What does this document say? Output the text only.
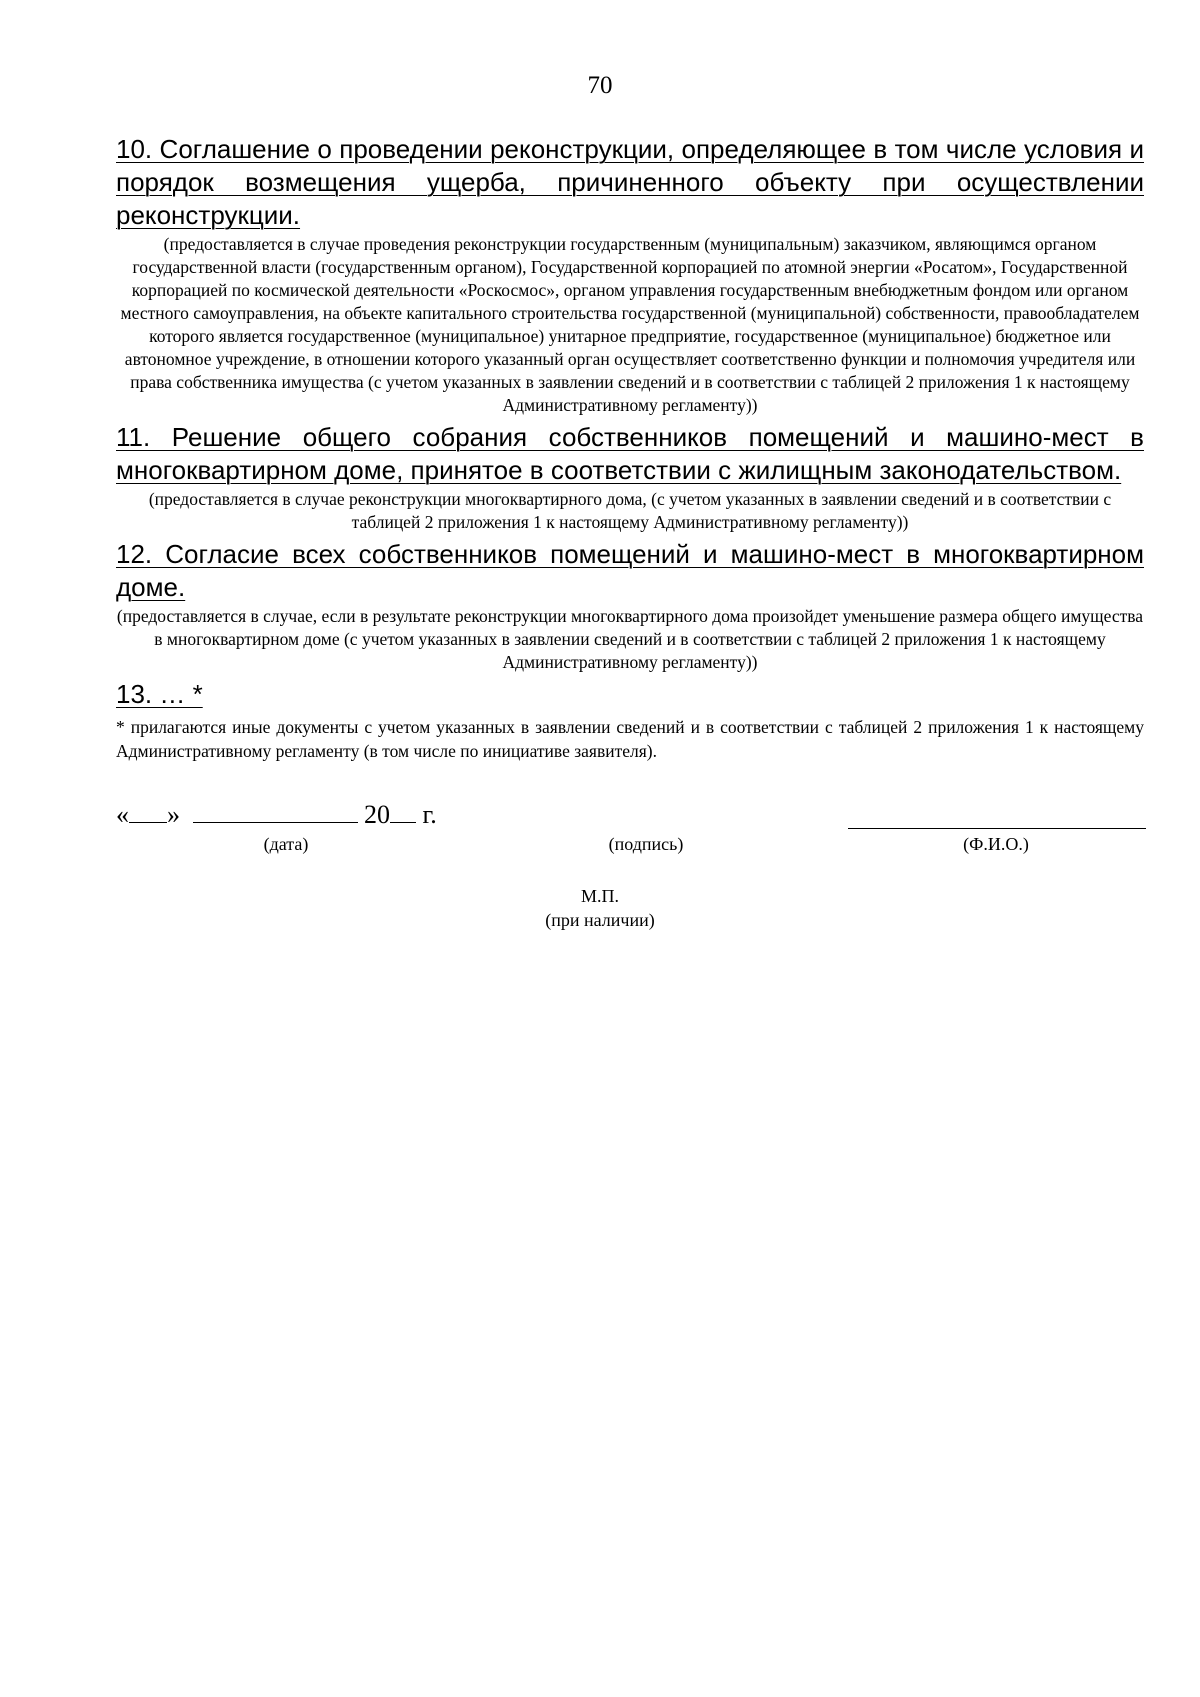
70

10. Соглашение о проведении реконструкции, определяющее в том числе условия и порядок возмещения ущерба, причиненного объекту при осуществлении реконструкции.

(предоставляется в случае проведения реконструкции государственным (муниципальным) заказчиком, являющимся органом государственной власти (государственным органом), Государственной корпорацией по атомной энергии «Росатом», Государственной корпорацией по космической деятельности «Роскосмос», органом управления государственным внебюджетным фондом или органом местного самоуправления, на объекте капитального строительства государственной (муниципальной) собственности, правообладателем которого является государственное (муниципальное) унитарное предприятие, государственное (муниципальное) бюджетное или автономное учреждение, в отношении которого указанный орган осуществляет соответственно функции и полномочия учредителя или права собственника имущества (с учетом указанных в заявлении сведений и в соответствии с таблицей 2 приложения 1 к настоящему Административному регламенту))

11. Решение общего собрания собственников помещений и машино-мест в многоквартирном доме, принятое в соответствии с жилищным законодательством.

(предоставляется в случае реконструкции многоквартирного дома, (с учетом указанных в заявлении сведений и в соответствии с таблицей 2 приложения 1 к настоящему Административному регламенту))

12. Согласие всех собственников помещений и машино-мест в многоквартирном доме.

(предоставляется в случае, если в результате реконструкции многоквартирного дома произойдет уменьшение размера общего имущества в многоквартирном доме (с учетом указанных в заявлении сведений и в соответствии с таблицей 2 приложения 1 к настоящему Административному регламенту))

13. … *

* прилагаются иные документы с учетом указанных в заявлении сведений и в соответствии с таблицей 2 приложения 1 к настоящему Административному регламенту (в том числе по инициативе заявителя).

« »	20 г.
(дата)	(подпись)	(Ф.И.О.)
М.П.
(при наличии)
